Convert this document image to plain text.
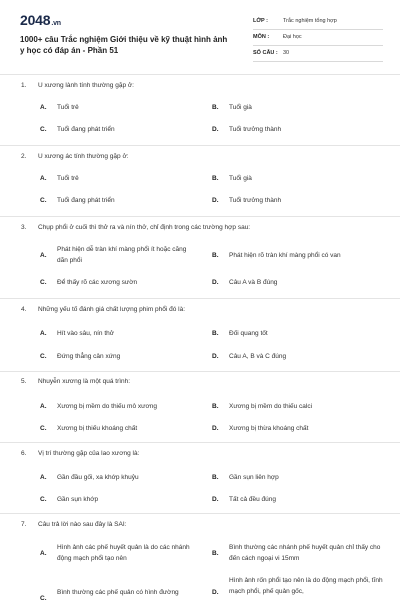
2048.vn
1000+ câu Trắc nghiệm Giới thiệu về kỹ thuật hình ảnh y học có đáp án - Phần 51
LỚP :	Trắc nghiệm tổng hợp
MÔN :	Đại học
SỐ CÂU : 30
1. U xương lành tính thường gặp ở:
A. Tuổi trẻ	B. Tuổi già
C. Tuổi đang phát triển	D. Tuổi trưởng thành
2. U xương ác tính thường gặp ở:
A. Tuổi trẻ	B. Tuổi già
C. Tuổi đang phát triển	D. Tuổi trưởng thành
3. Chụp phổi ở cuối thì thở ra và nín thở, chỉ định trong các trường hợp sau:
A.
Phát hiện dễ tràn khí màng phổi ít hoặc căng dãn phổi
B. Phát hiện rõ tràn khí màng phổi có van
C. Để thấy rõ các xương sườn	D. Câu A và B đúng
4. Những yếu tố đánh giá chất lượng phim phổi đó là:
A. Hít vào sâu, nín thở	B. Đối quang tốt
C. Đứng thẳng cân xứng	D. Câu A, B và C đúng
5. Nhuyễn xương là một quá trình:
A. Xương bị mềm do thiếu mô xương	B. Xương bị mềm do thiếu calci
C. Xương bị thiếu khoáng chất	D. Xương bị thừa khoáng chất
6. Vị trí thường gặp của lao xương là:
A. Gần đầu gối, xa khớp khuỷu	B. Gần sụn liên hợp
C. Gần sụn khớp	D. Tất cả đều đúng
7. Câu trả lời nào sau đây là SAI:
A.
Hình ảnh các phế huyết quản là do các nhánh động mạch phổi tạo nên
B.
Bình thường các nhánh phế huyết quản chỉ thấy cho đến cách ngoại vi 15mm
C.
Bình thường các phế quản có hình đường	D.
Hình ảnh rốn phổi tạo nên là do động mạch phổi, tĩnh mạch phổi, phế quản gốc,
